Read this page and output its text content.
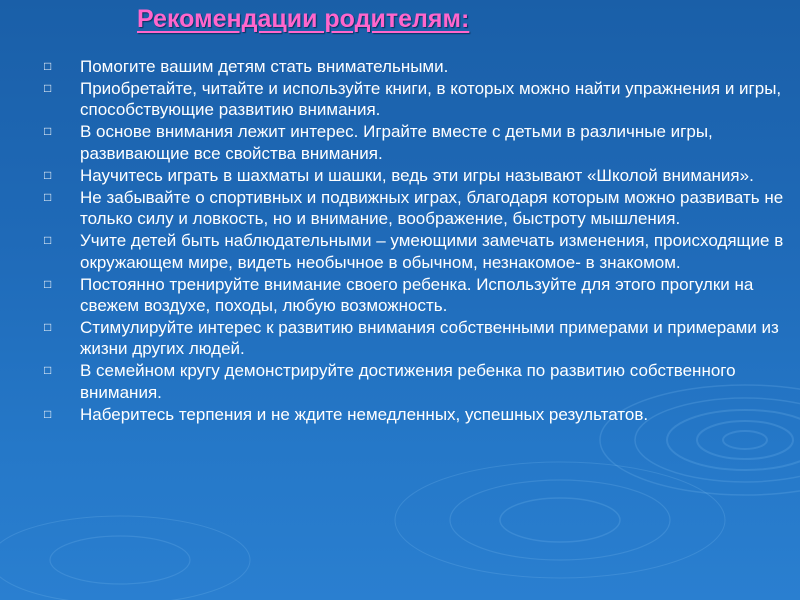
Рекомендации родителям:
□	Помогите вашим детям стать внимательными.
□	Приобретайте, читайте и используйте книги, в которых можно найти упражнения и игры, способствующие развитию внимания.
□	В основе внимания лежит интерес. Играйте вместе с детьми в различные игры, развивающие все свойства внимания.
□	Научитесь играть в шахматы и шашки, ведь эти игры называют «Школой внимания».
□	Не забывайте о спортивных и подвижных играх, благодаря которым можно развивать не только силу и ловкость, но и внимание, воображение, быстроту мышления.
□	Учите детей быть наблюдательными – умеющими замечать изменения, происходящие в окружающем мире, видеть необычное в обычном, незнакомое- в знакомом.
□	Постоянно тренируйте внимание своего ребенка. Используйте для этого прогулки на свежем воздухе, походы, любую возможность.
□	Стимулируйте интерес к развитию внимания собственными примерами и примерами из жизни других людей.
□	В семейном кругу демонстрируйте достижения ребенка по развитию собственного внимания.
□	Наберитесь терпения и не ждите немедленных, успешных результатов.
